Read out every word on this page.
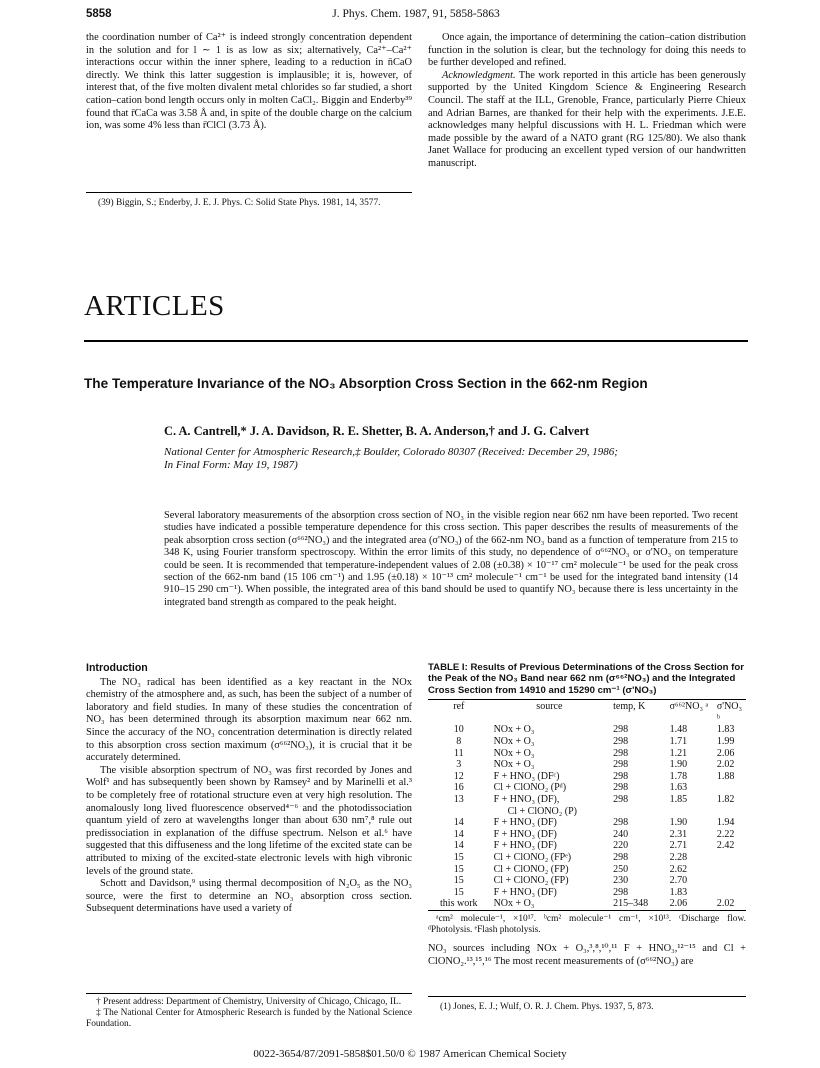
5858	J. Phys. Chem. 1987, 91, 5858-5863

the coordination number of Ca²⁺ is indeed strongly concentration dependent in the solution and for l ∼ 1 is as low as six; alternatively, Ca²⁺–Ca²⁺ interactions occur within the inner sphere, leading to a reduction in n̄CaO directly. We think this latter suggestion is implausible; it is, however, of interest that, of the five molten divalent metal chlorides so far studied, a short cation–cation bond length occurs only in molten CaCl₂. Biggin and Enderby³⁹ found that r̄CaCa was 3.58 Å and, in spite of the double charge on the calcium ion, was some 4% less than r̄ClCl (3.73 Å).

(39) Biggin, S.; Enderby, J. E. J. Phys. C: Solid State Phys. 1981, 14, 3577.

Once again, the importance of determining the cation–cation distribution function in the solution is clear, but the technology for doing this needs to be further developed and refined.

Acknowledgment. The work reported in this article has been generously supported by the United Kingdom Science & Engineering Research Council. The staff at the ILL, Grenoble, France, particularly Pierre Chieux and Adrian Barnes, are thanked for their help with the experiments. J.E.E. acknowledges many helpful discussions with H. L. Friedman which were made possible by the award of a NATO grant (RG 125/80). We also thank Janet Wallace for producing an excellent typed version of our handwritten manuscript.

ARTICLES
The Temperature Invariance of the NO₃ Absorption Cross Section in the 662-nm Region
C. A. Cantrell,* J. A. Davidson, R. E. Shetter, B. A. Anderson,† and J. G. Calvert
National Center for Atmospheric Research,‡ Boulder, Colorado 80307 (Received: December 29, 1986;
In Final Form: May 19, 1987)
Several laboratory measurements of the absorption cross section of NO₃ in the visible region near 662 nm have been reported. Two recent studies have indicated a possible temperature dependence for this cross section. This paper describes the results of measurements of the peak absorption cross section (σ⁶⁶²NO₃) and the integrated area (σ'NO₃) of the 662-nm NO₃ band as a function of temperature from 215 to 348 K, using Fourier transform spectroscopy. Within the error limits of this study, no dependence of σ⁶⁶²NO₃ or σ'NO₃ on temperature could be seen. It is recommended that temperature-independent values of 2.08 (±0.38) × 10⁻¹⁷ cm² molecule⁻¹ be used for the peak cross section of the 662-nm band (15 106 cm⁻¹) and 1.95 (±0.18) × 10⁻¹³ cm² molecule⁻¹ cm⁻¹ be used for the integrated band intensity (14 910–15 290 cm⁻¹). When possible, the integrated area of this band should be used to quantify NO₃ because there is less uncertainty in the integrated band strength as compared to the peak height.

Introduction

The NO₃ radical has been identified as a key reactant in the NOx chemistry of the atmosphere and, as such, has been the subject of a number of laboratory and field studies. In many of these studies the concentration of NO₃ has been determined through its absorption maximum near 662 nm. Since the accuracy of the NO₃ concentration determination is directly related to this absorption cross section maximum (σ⁶⁶²NO₃), it is crucial that it be accurately determined.

The visible absorption spectrum of NO₃ was first recorded by Jones and Wolf¹ and has subsequently been shown by Ramsey² and by Marinelli et al.³ to be completely free of rotational structure even at very high resolution. The anomalously long lived fluorescence observed⁴⁻⁶ and the photodissociation quantum yield of zero at wavelengths longer than about 630 nm⁷,⁸ rule out predissociation in explanation of the diffuse spectrum. Nelson et al.⁶ have suggested that this diffuseness and the long lifetime of the excited state can be attributed to mixing of the excited-state electronic levels with high vibronic levels of the ground state.

Schott and Davidson,⁹ using thermal decomposition of N₂O₅ as the NO₃ source, were the first to determine an NO₃ absorption cross section. Subsequent determinations have used a variety of

† Present address: Department of Chemistry, University of Chicago, Chicago, IL.
‡ The National Center for Atmospheric Research is funded by the National Science Foundation.
TABLE I: Results of Previous Determinations of the Cross Section for the Peak of the NO₃ Band near 662 nm (σ⁶⁶²NO₃) and the Integrated Cross Section from 14910 and 15290 cm⁻¹ (σ'NO₃)
ref	source	temp, K	σ⁶⁶²NO₃ ᵃ	σ'NO₃ ᵇ
10	NOx + O₃	298	1.48	1.83
8	NOx + O₃	298	1.71	1.99
11	NOx + O₃	298	1.21	2.06
3	NOx + O₃	298	1.90	2.02
12	F + HNO₃ (DFᶜ)	298	1.78	1.88
16	Cl + ClONO₂ (Pᵈ)	298	1.63	
13	F + HNO₃ (DF),	298	1.85	1.82
	Cl + ClONO₂ (P)			
14	F + HNO₃ (DF)	298	1.90	1.94
14	F + HNO₃ (DF)	240	2.31	2.22
14	F + HNO₃ (DF)	220	2.71	2.42
15	Cl + ClONO₂ (FPᵉ)	298	2.28	
15	Cl + ClONO₂ (FP)	250	2.62	
15	Cl + ClONO₂ (FP)	230	2.70	
15	F + HNO₃ (DF)	298	1.83	
this work	NOx + O₃	215–348	2.06	2.02
ᵃcm² molecule⁻¹, ×10¹⁷. ᵇcm² molecule⁻¹ cm⁻¹, ×10¹³. ᶜDischarge flow. ᵈPhotolysis. ᵉFlash photolysis.

NO₃ sources including NOx + O₃,³,⁸,¹⁰,¹¹ F + HNO₃,¹²⁻¹⁵ and Cl + ClONO₂.¹³,¹⁵,¹⁶ The most recent measurements of (σ⁶⁶²NO₃) are

(1) Jones, E. J.; Wulf, O. R. J. Chem. Phys. 1937, 5, 873.
0022-3654/87/2091-5858$01.50/0 © 1987 American Chemical Society
